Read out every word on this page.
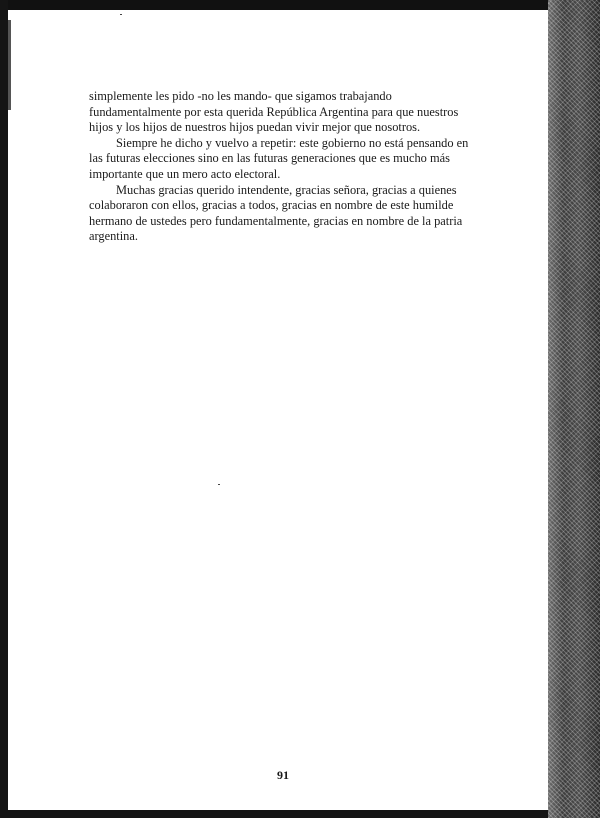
simplemente les pido -no les mando- que sigamos trabajando fundamentalmente por esta querida República Argentina para que nuestros hijos y los hijos de nuestros hijos puedan vivir mejor que nosotros.

Siempre he dicho y vuelvo a repetir: este gobierno no está pensando en las futuras elecciones sino en las futuras generaciones que es mucho más importante que un mero acto electoral.

Muchas gracias querido intendente, gracias señora, gracias a quienes colaboraron con ellos, gracias a todos, gracias en nombre de este humilde hermano de ustedes pero fundamentalmente, gracias en nombre de la patria argentina.

91
